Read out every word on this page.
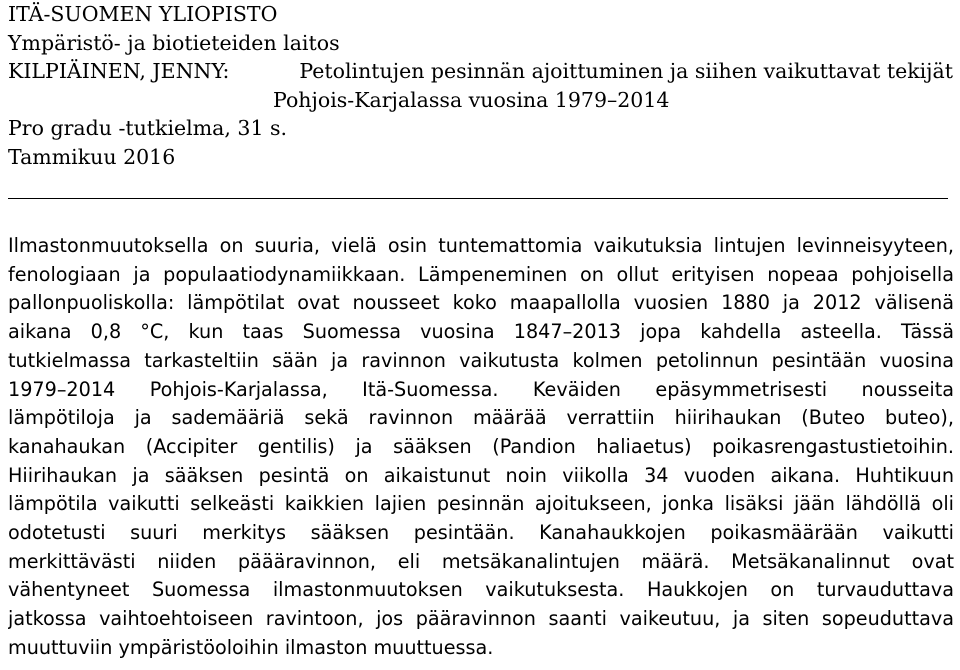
ITÄ-SUOMEN YLIOPISTO
Ympäristö- ja biotieteiden laitos
KILPIÄINEN, JENNY:	Petolintujen pesinnän ajoittuminen ja siihen vaikuttavat tekijät
Pohjois-Karjalassa vuosina 1979–2014
Pro gradu -tutkielma, 31 s.
Tammikuu 2016
Ilmastonmuutoksella on suuria, vielä osin tuntemattomia vaikutuksia lintujen levinneisyyteen,
fenologiaan ja populaatiodynamiikkaan. Lämpeneminen on ollut erityisen nopeaa pohjoisella
pallonpuoliskolla: lämpötilat ovat nousseet koko maapallolla vuosien 1880 ja 2012 välisenä
aikana 0,8 °C, kun taas Suomessa vuosina 1847–2013 jopa kahdella asteella. Tässä
tutkielmassa tarkasteltiin sään ja ravinnon vaikutusta kolmen petolinnun pesintään vuosina
1979–2014 Pohjois-Karjalassa, Itä-Suomessa. Keväiden epäsymmetrisesti nousseita
lämpötiloja ja sademääriä sekä ravinnon määrää verrattiin hiirihaukan (Buteo buteo),
kanahaukan (Accipiter gentilis) ja sääksen (Pandion haliaetus) poikasrengastustietoihin.
Hiirihaukan ja sääksen pesintä on aikaistunut noin viikolla 34 vuoden aikana. Huhtikuun
lämpötila vaikutti selkeästi kaikkien lajien pesinnän ajoitukseen, jonka lisäksi jään lähdöllä oli
odotetusti suuri merkitys sääksen pesintään. Kanahaukkojen poikasmäärään vaikutti
merkittävästi niiden päääravinnon, eli metsäkanalintujen määrä. Metsäkanalinnut ovat
vähentyneet Suomessa ilmastonmuutoksen vaikutuksesta. Haukkojen on turvauduttava
jatkossa vaihtoehtoiseen ravintoon, jos pääravinnon saanti vaikeutuu, ja siten sopeuduttava
muuttuviin ympäristöoloihin ilmaston muuttuessa.
